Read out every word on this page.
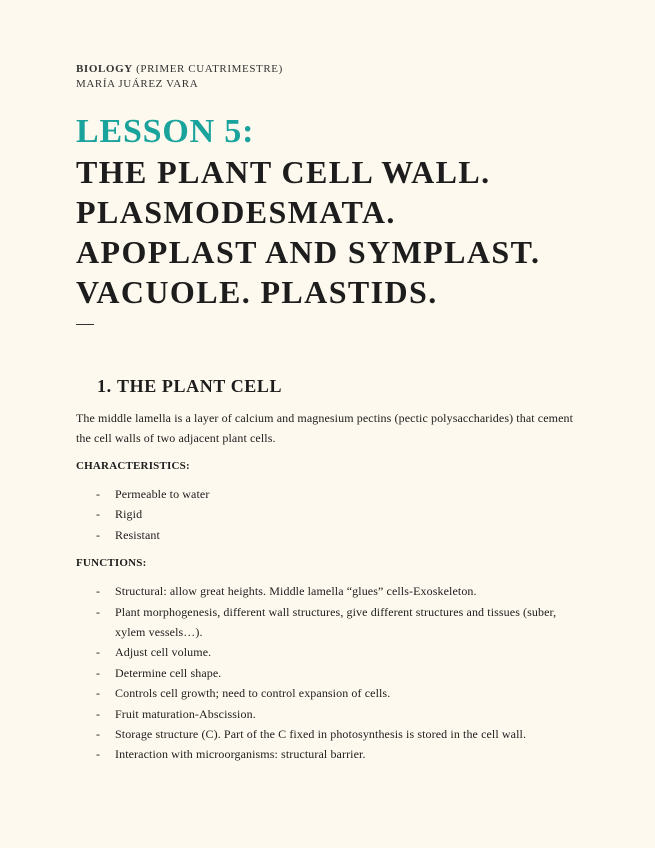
BIOLOGY (PRIMER CUATRIMESTRE)
MARÍA JUÁREZ VARA
LESSON 5:
THE PLANT CELL WALL.
PLASMODESMATA.
APOPLAST AND SYMPLAST.
VACUOLE. PLASTIDS.
1. THE PLANT CELL
The middle lamella is a layer of calcium and magnesium pectins (pectic polysaccharides) that cement the cell walls of two adjacent plant cells.
CHARACTERISTICS:
- Permeable to water
- Rigid
- Resistant
FUNCTIONS:
- Structural: allow great heights. Middle lamella “glues” cells-Exoskeleton.
- Plant morphogenesis, different wall structures, give different structures and tissues (suber, xylem vessels…).
- Adjust cell volume.
- Determine cell shape.
- Controls cell growth; need to control expansion of cells.
- Fruit maturation-Abscission.
- Storage structure (C). Part of the C fixed in photosynthesis is stored in the cell wall.
- Interaction with microorganisms: structural barrier.
